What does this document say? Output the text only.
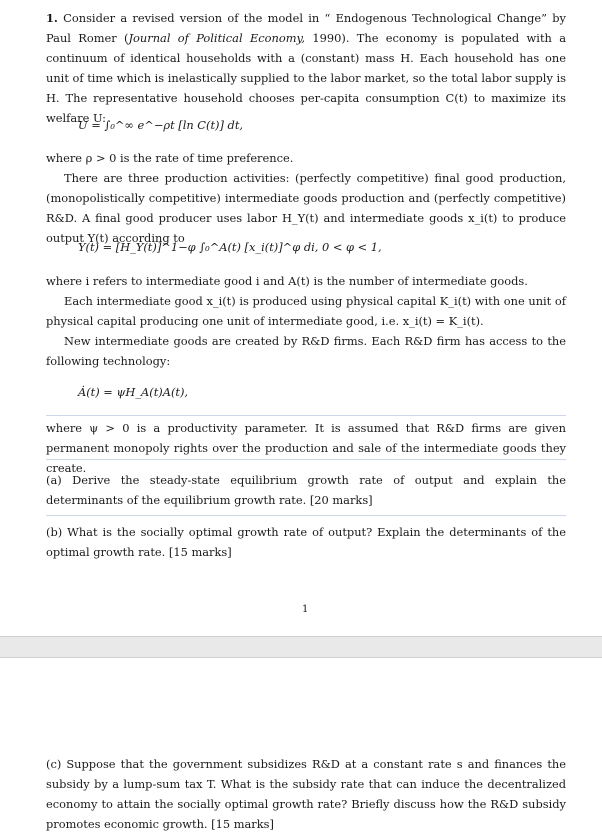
1. Consider a revised version of the model in “ Endogenous Technological Change” by Paul Romer (Journal of Political Economy, 1990). The economy is populated with a continuum of identical households with a (constant) mass H. Each household has one unit of time which is inelastically supplied to the labor market, so the total labor supply is H. The representative household chooses per-capita consumption C(t) to maximize its welfare U:
U = ∫₀^∞ e^−ρt [ln C(t)] dt,
where ρ > 0 is the rate of time preference.
There are three production activities: (perfectly competitive) final good production, (monopolistically competitive) intermediate goods production and (perfectly competitive) R&D. A final good producer uses labor H_Y(t) and intermediate goods x_i(t) to produce output Y(t) according to
Y(t) = [H_Y(t)]^1−φ ∫₀^A(t) [x_i(t)]^φ di, 0 < φ < 1,
where i refers to intermediate good i and A(t) is the number of intermediate goods.
Each intermediate good x_i(t) is produced using physical capital K_i(t) with one unit of physical capital producing one unit of intermediate good, i.e. x_i(t) = K_i(t).
New intermediate goods are created by R&D firms. Each R&D firm has access to the following technology:
Ȧ(t) = ψH_A(t)A(t),
where ψ > 0 is a productivity parameter. It is assumed that R&D firms are given permanent monopoly rights over the production and sale of the intermediate goods they create.
(a) Derive the steady-state equilibrium growth rate of output and explain the determinants of the equilibrium growth rate. [20 marks]
(b) What is the socially optimal growth rate of output? Explain the determinants of the optimal growth rate. [15 marks]
1
(c) Suppose that the government subsidizes R&D at a constant rate s and finances the subsidy by a lump-sum tax T. What is the subsidy rate that can induce the decentralized economy to attain the socially optimal growth rate? Briefly discuss how the R&D subsidy promotes economic growth. [15 marks]
